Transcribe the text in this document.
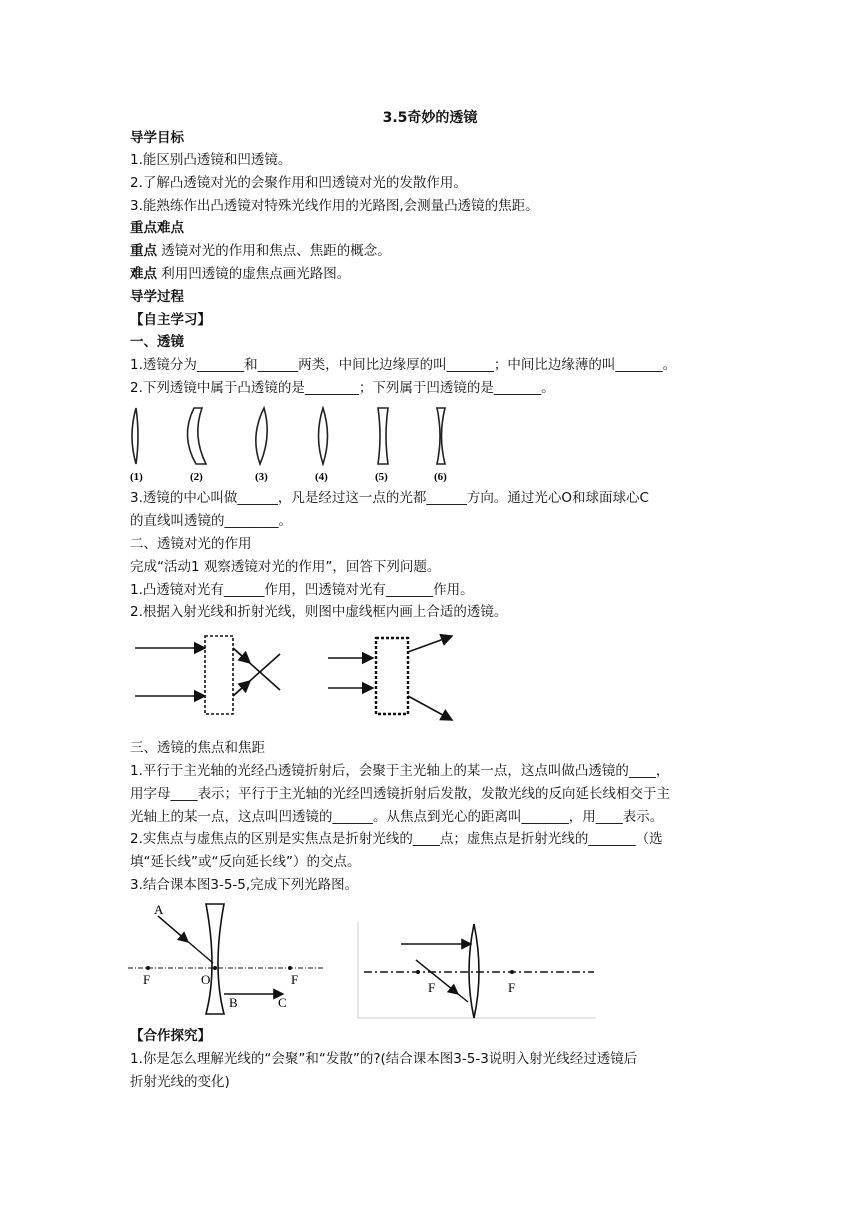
3.5奇妙的透镜
导学目标
1.能区别凸透镜和凹透镜。
2.了解凸透镜对光的会聚作用和凹透镜对光的发散作用。
3.能熟练作出凸透镜对特殊光线作用的光路图,会测量凸透镜的焦距。
重点难点
重点 透镜对光的作用和焦点、焦距的概念。
难点 利用凹透镜的虚焦点画光路图。
导学过程
【自主学习】
一、透镜
1.透镜分为_______和______两类，中间比边缘厚的叫_______；中间比边缘薄的叫_______。
2.下列透镜中属于凸透镜的是________；下列属于凹透镜的是_______。
(1)	(2)	(3)	(4)	(5)	(6)
3.透镜的中心叫做______，凡是经过这一点的光都______方向。通过光心O和球面球心C
的直线叫透镜的________。
二、透镜对光的作用
完成“活动1 观察透镜对光的作用”，回答下列问题。
1.凸透镜对光有______作用，凹透镜对光有_______作用。
2.根据入射光线和折射光线，则图中虚线框内画上合适的透镜。
三、透镜的焦点和焦距
1.平行于主光轴的光经凸透镜折射后，会聚于主光轴上的某一点，这点叫做凸透镜的____，
用字母____表示；平行于主光轴的光经凹透镜折射后发散，发散光线的反向延长线相交于主
光轴上的某一点，这点叫凹透镜的______。从焦点到光心的距离叫_______，用____表示。
2.实焦点与虚焦点的区别是实焦点是折射光线的____点；虚焦点是折射光线的_______（选
填“延长线”或“反向延长线”）的交点。
3.结合课本图3-5-5,完成下列光路图。
A
F	O
B
F
C
F	F
【合作探究】
1.你是怎么理解光线的“会聚”和“发散”的?(结合课本图3-5-3说明入射光线经过透镜后
折射光线的变化)
